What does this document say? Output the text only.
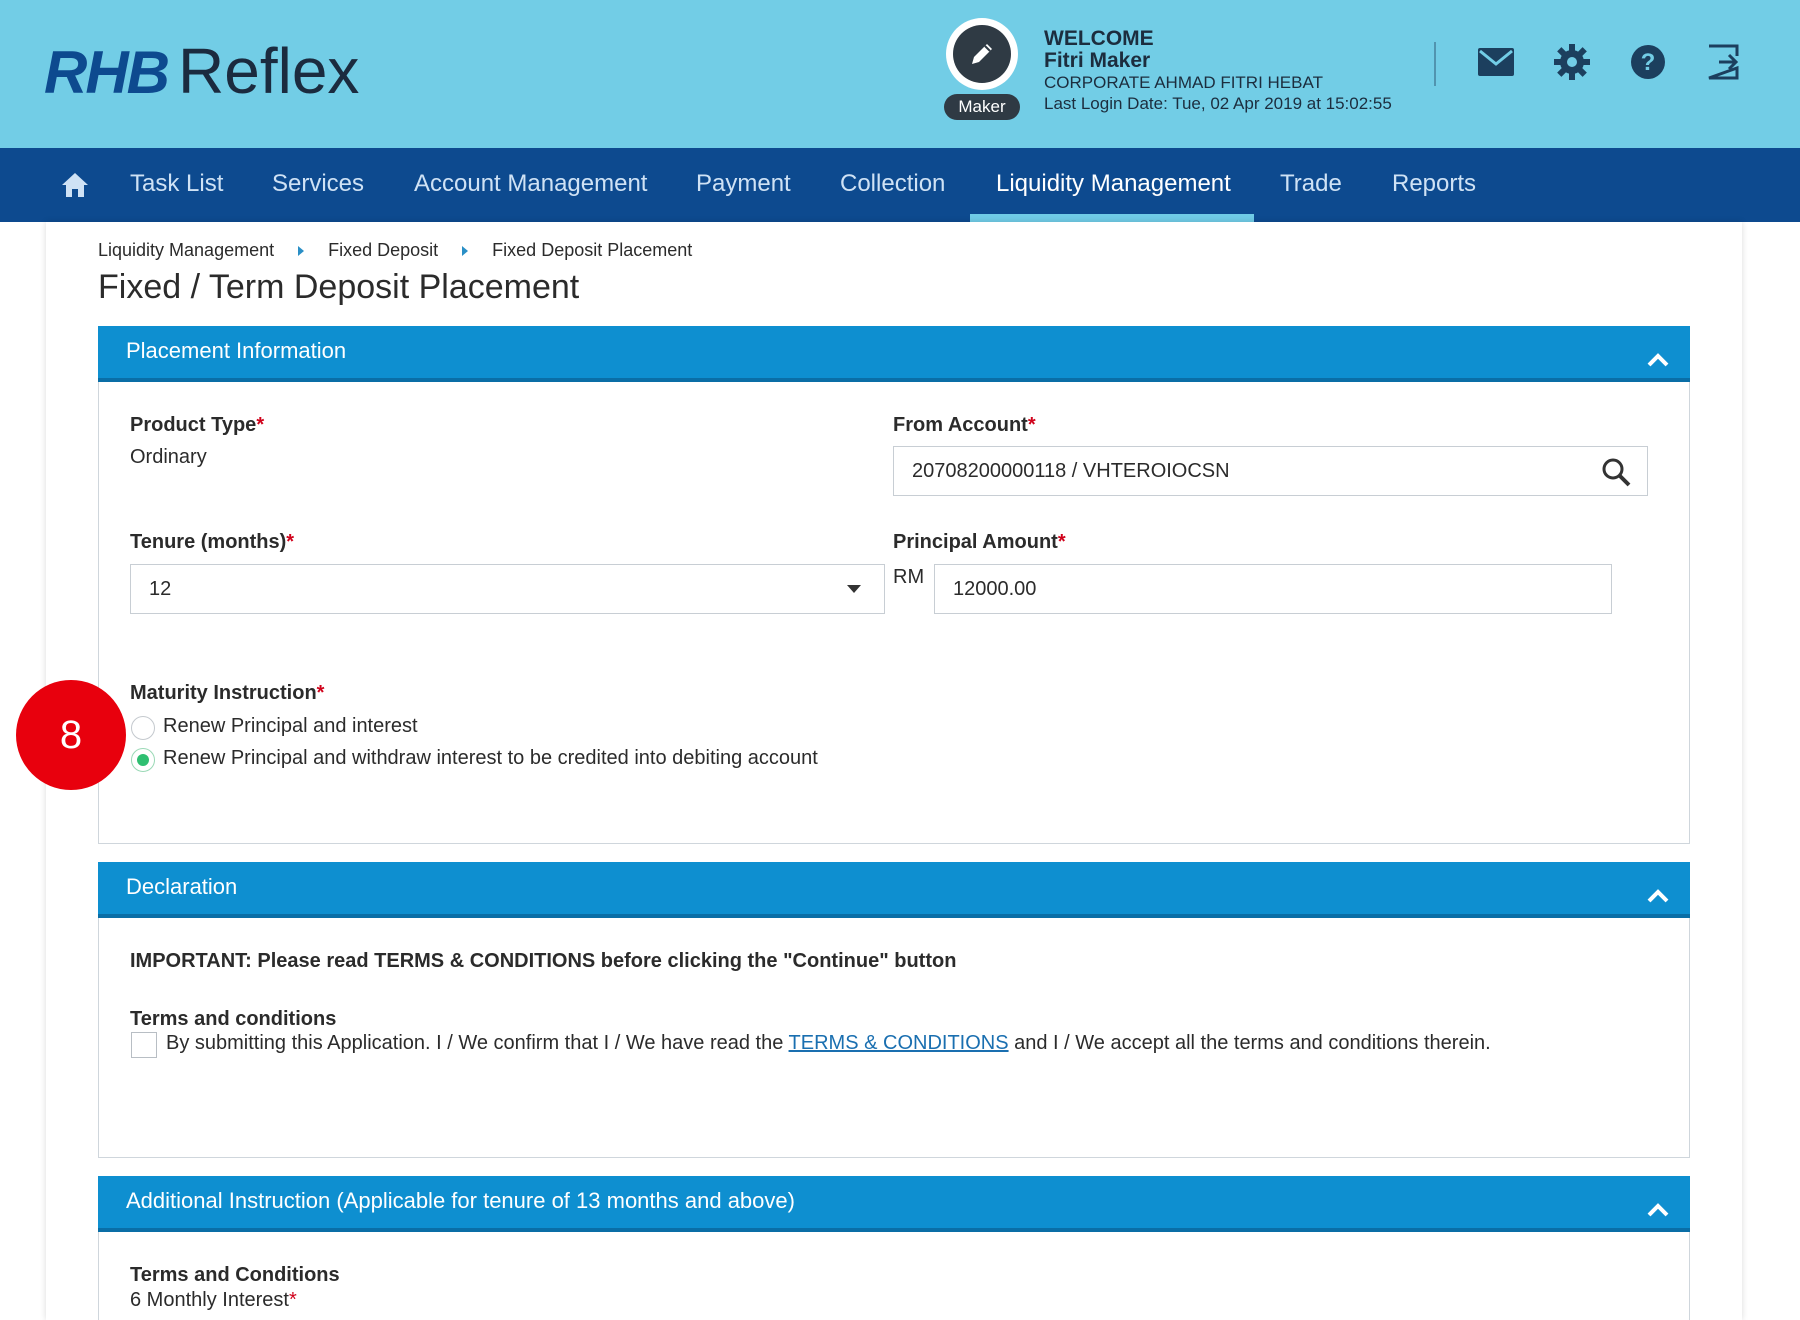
RHB Reflex	Maker
WELCOME
Fitri Maker
CORPORATE AHMAD FITRI HEBAT
Last Login Date: Tue, 02 Apr 2019 at 15:02:55
?
Task List Services Account Management Payment Collection Liquidity Management Trade Reports
Liquidity Management	Fixed Deposit	Fixed Deposit Placement
Fixed / Term Deposit Placement
Placement Information
Product Type*
Ordinary
From Account*
20708200000118 / VHTEROIOCSN
Tenure (months)*
12
Principal Amount*
RM
12000.00
Maturity Instruction*
Renew Principal and interest
Renew Principal and withdraw interest to be credited into debiting account
8
Declaration
IMPORTANT: Please read TERMS & CONDITIONS before clicking the "Continue" button
Terms and conditions
By submitting this Application. I / We confirm that I / We have read the TERMS & CONDITIONS and I / We accept all the terms and conditions therein.
Additional Instruction (Applicable for tenure of 13 months and above)
Terms and Conditions
6 Monthly Interest*
